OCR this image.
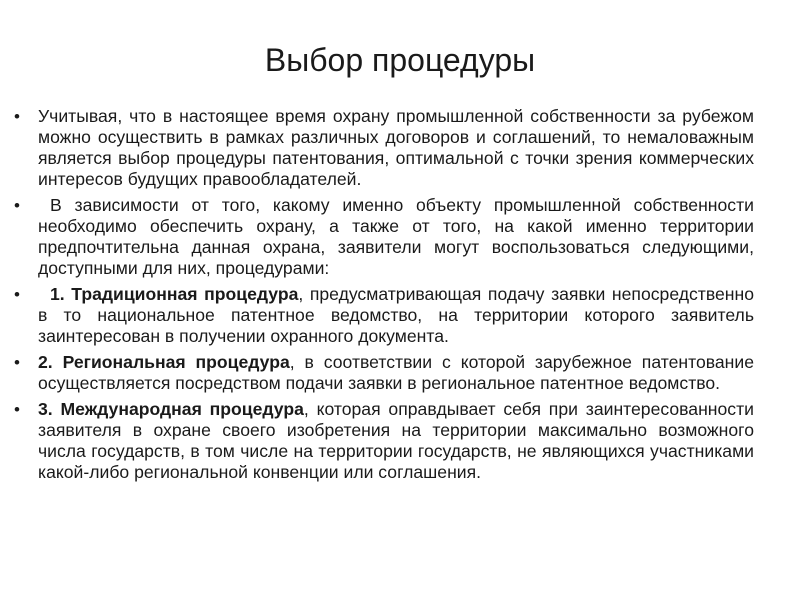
Выбор процедуры
•	Учитывая, что в настоящее время охрану промышленной собственности за рубежом можно осуществить в рамках различных договоров и соглашений, то немаловажным является выбор процедуры патентования, оптимальной с точки зрения коммерческих интересов будущих правообладателей.
•	В зависимости от того, какому именно объекту промышленной собственности необходимо обеспечить охрану, а также от того, на какой именно территории предпочтительна данная охрана, заявители могут воспользоваться следующими, доступными для них, процедурами:
•	1. Традиционная процедура, предусматривающая подачу заявки непосредственно в то национальное патентное ведомство, на территории которого заявитель заинтересован в получении охранного документа.
•	2. Региональная процедура, в соответствии с которой зарубежное патентование осуществляется посредством подачи заявки в региональное патентное ведомство.
•	3. Международная процедура, которая оправдывает себя при заинтересованности заявителя в охране своего изобретения на территории максимально возможного числа государств, в том числе на территории государств, не являющихся участниками какой-либо региональной конвенции или соглашения.
